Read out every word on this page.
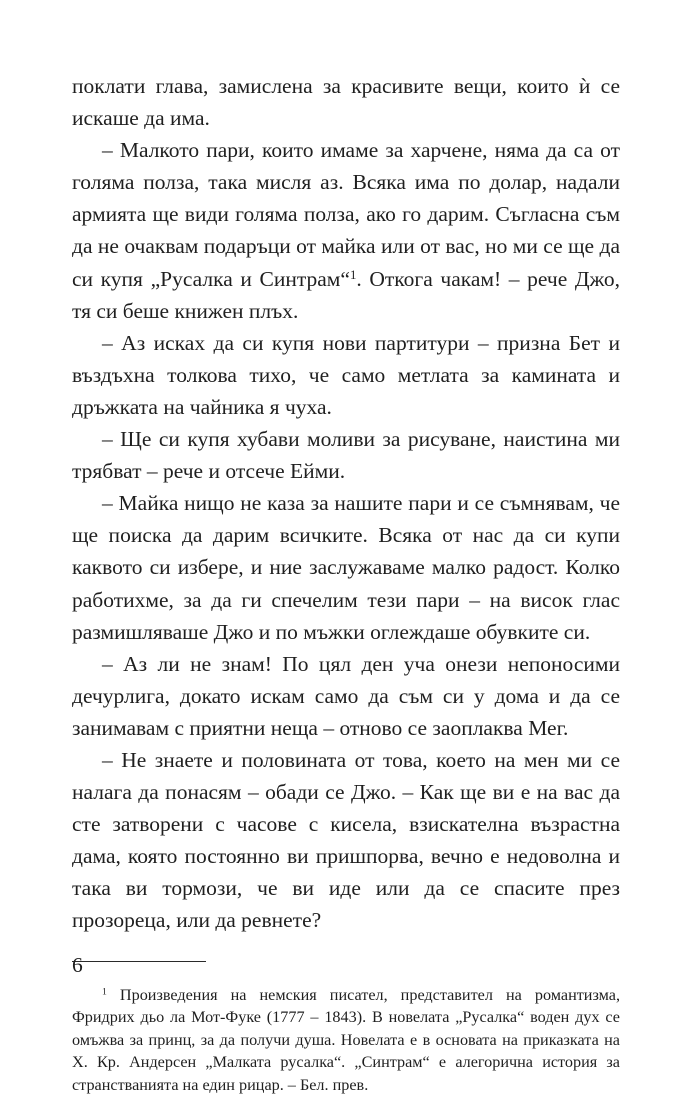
поклати глава, замислена за красивите вещи, които ѝ се искаше да има.

– Малкото пари, които имаме за харчене, няма да са от голяма полза, така мисля аз. Всяка има по долар, надали армията ще види голяма полза, ако го дарим. Съгласна съм да не очаквам подаръци от майка или от вас, но ми се ще да си купя „Русалка и Синтрам“$^1$. Откога чакам! – рече Джо, тя си беше книжен плъх.

– Аз исках да си купя нови партитури – призна Бет и въздъхна толкова тихо, че само метлата за камината и дръжката на чайника я чуха.

– Ще си купя хубави моливи за рисуване, наистина ми трябват – рече и отсече Ейми.

– Майка нищо не каза за нашите пари и се съмнявам, че ще поиска да дарим всичките. Всяка от нас да си купи каквото си избере, и ние заслужаваме малко радост. Колко работихме, за да ги спечелим тези пари – на висок глас размишляваше Джо и по мъжки оглеждаше обувките си.

– Аз ли не знам! По цял ден уча онези непоносими дечурлига, докато искам само да съм си у дома и да се занимавам с приятни неща – отново се заоплаква Мег.

– Не знаете и половината от това, което на мен ми се налага да понасям – обади се Джо. – Как ще ви е на вас да сте затворени с часове с кисела, взискателна възрастна дама, която постоянно ви пришпорва, вечно е недоволна и така ви тормози, че ви иде или да се спасите през прозореца, или да ревнете?

$^1$ Произведения на немския писател, представител на романтизма, Фридрих дьо ла Мот-Фуке (1777 – 1843). В новелата „Русалка“ воден дух се омъжва за принц, за да получи душа. Новелата е в основата на приказката на Х. Кр. Андерсен „Малката русалка“. „Синтрам“ е алегорична история за странстванията на един рицар. – Бел. прев.

6
